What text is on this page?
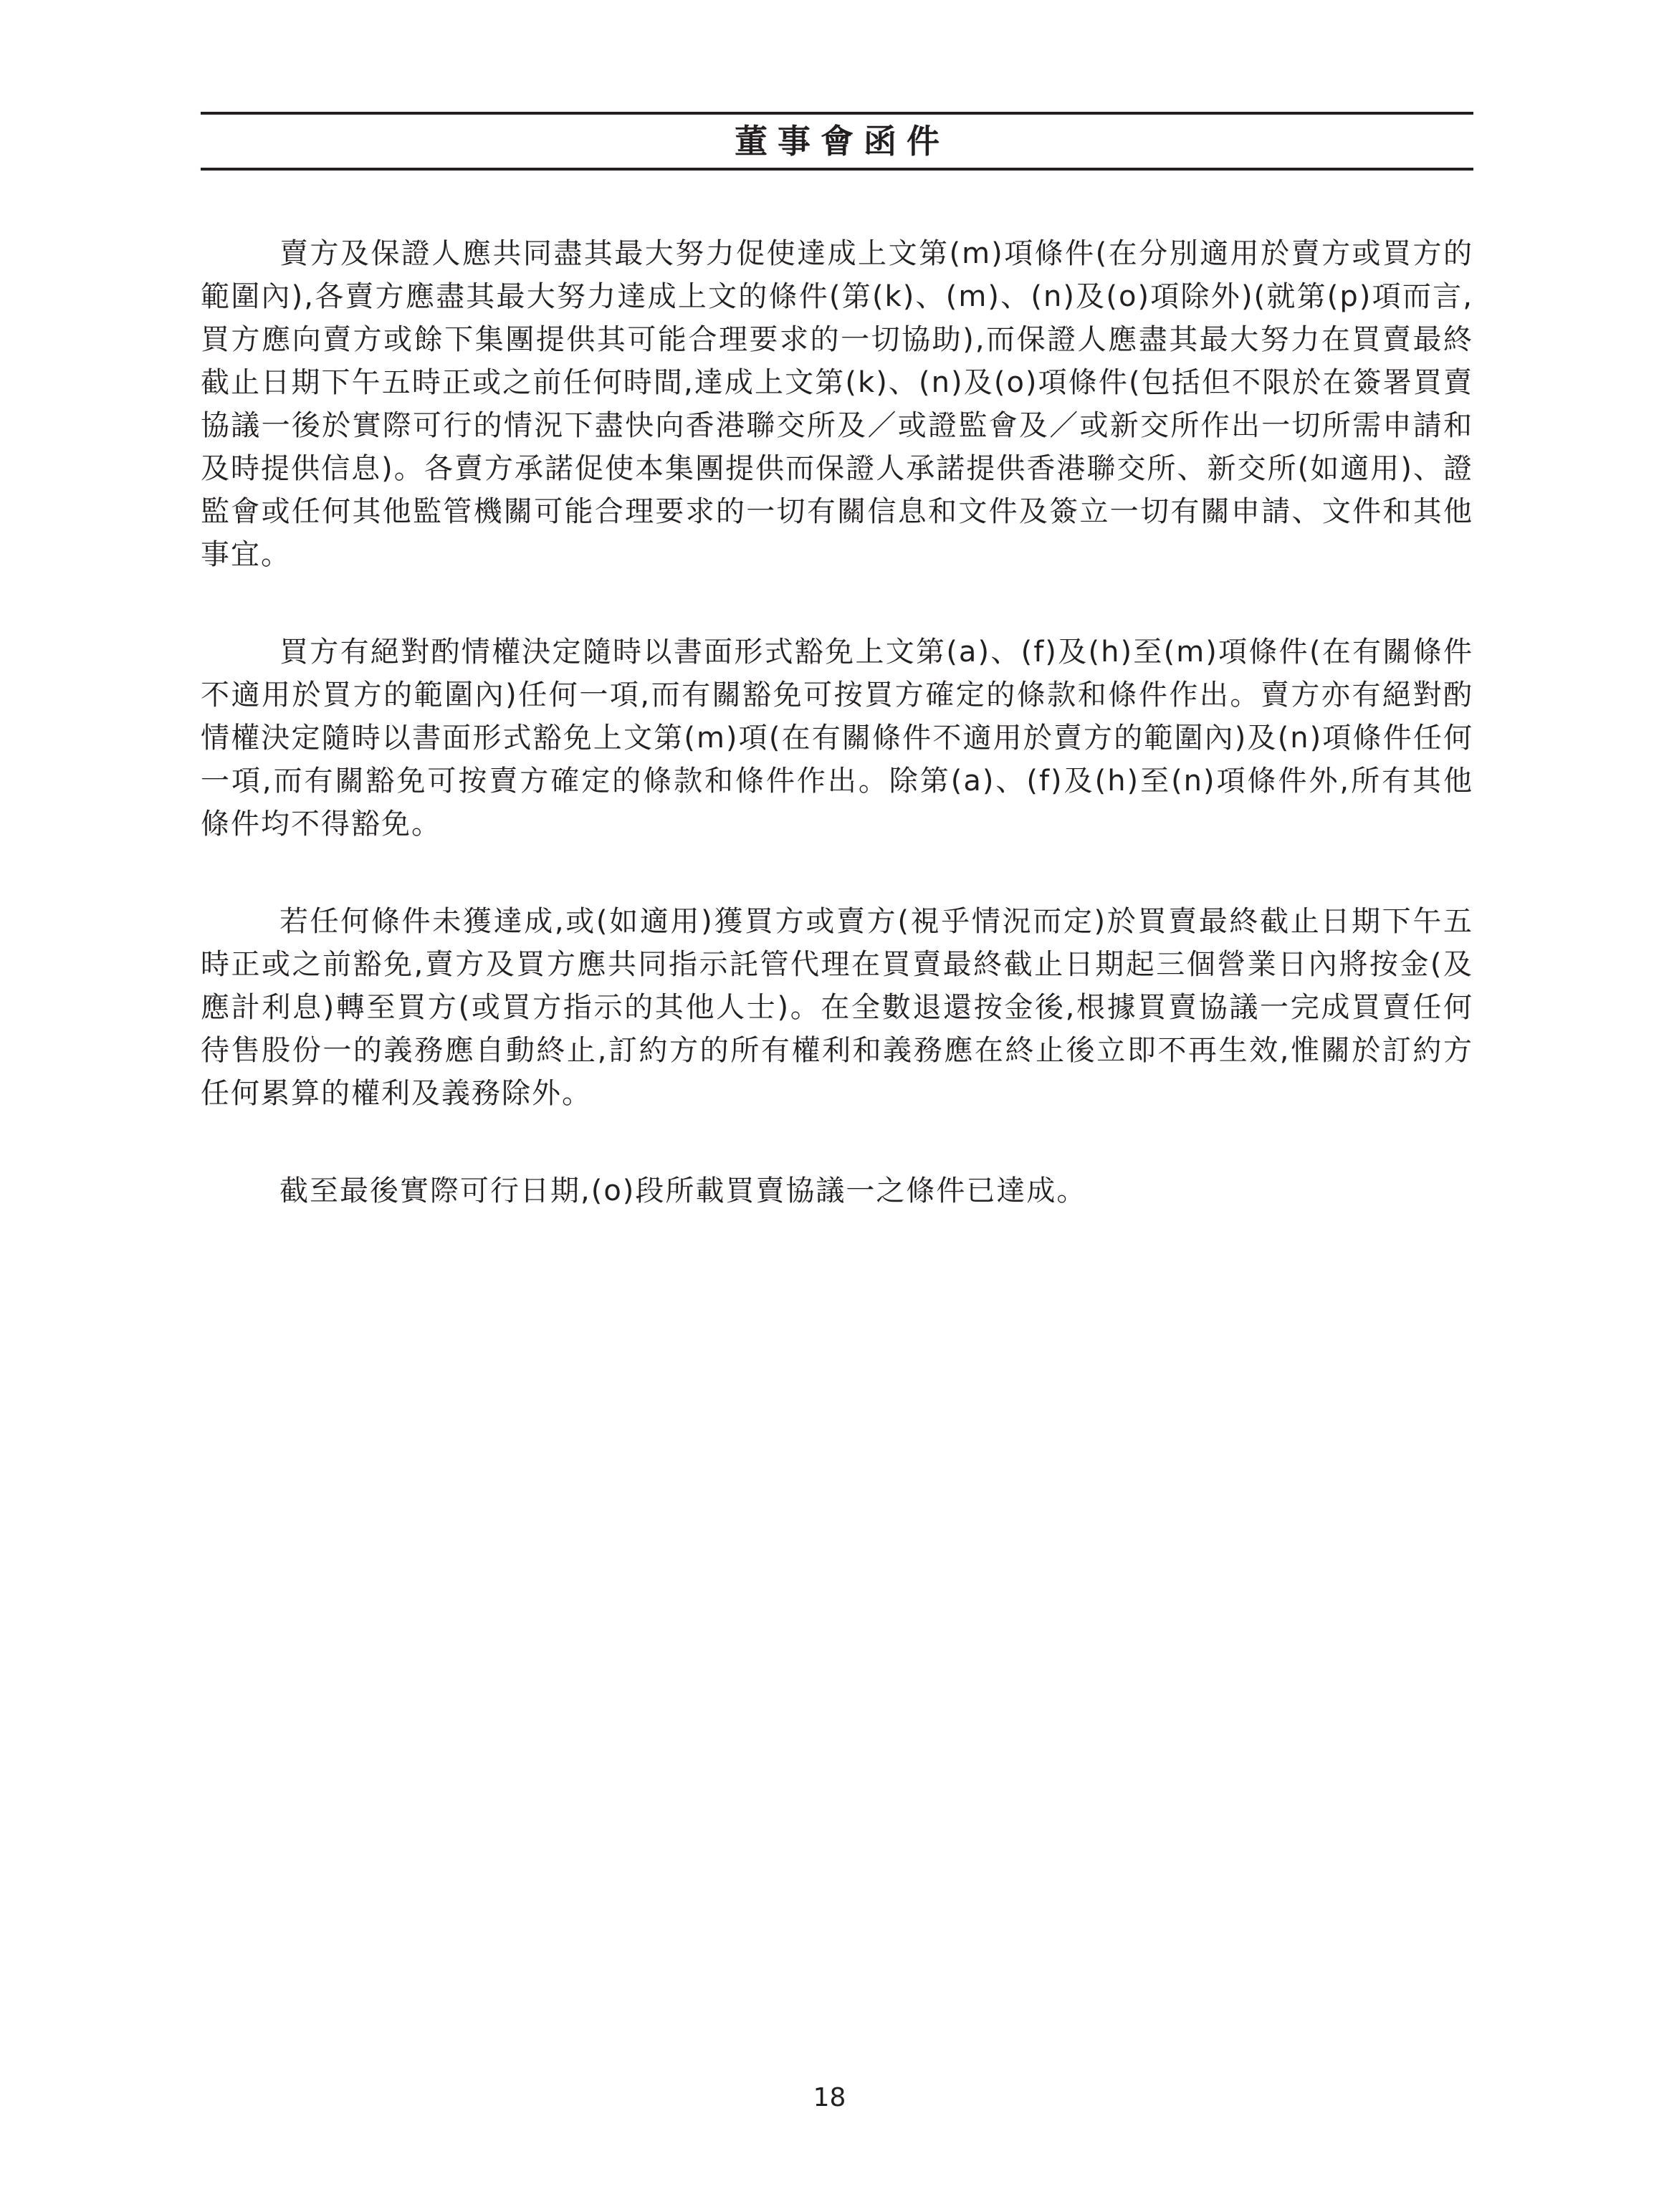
董事會函件

賣方及保證人應共同盡其最大努力促使達成上文第(m)項條件(在分別適用於賣方或買方的範圍內),各賣方應盡其最大努力達成上文的條件(第(k)、(m)、(n)及(o)項除外)(就第(p)項而言,買方應向賣方或餘下集團提供其可能合理要求的一切協助),而保證人應盡其最大努力在買賣最終截止日期下午五時正或之前任何時間,達成上文第(k)、(n)及(o)項條件(包括但不限於在簽署買賣協議一後於實際可行的情況下盡快向香港聯交所及／或證監會及／或新交所作出一切所需申請和及時提供信息)。各賣方承諾促使本集團提供而保證人承諾提供香港聯交所、新交所(如適用)、證監會或任何其他監管機關可能合理要求的一切有關信息和文件及簽立一切有關申請、文件和其他事宜。

買方有絕對酌情權決定隨時以書面形式豁免上文第(a)、(f)及(h)至(m)項條件(在有關條件不適用於買方的範圍內)任何一項,而有關豁免可按買方確定的條款和條件作出。賣方亦有絕對酌情權決定隨時以書面形式豁免上文第(m)項(在有關條件不適用於賣方的範圍內)及(n)項條件任何一項,而有關豁免可按賣方確定的條款和條件作出。除第(a)、(f)及(h)至(n)項條件外,所有其他條件均不得豁免。

若任何條件未獲達成,或(如適用)獲買方或賣方(視乎情況而定)於買賣最終截止日期下午五時正或之前豁免,賣方及買方應共同指示託管代理在買賣最終截止日期起三個營業日內將按金(及應計利息)轉至買方(或買方指示的其他人士)。在全數退還按金後,根據買賣協議一完成買賣任何待售股份一的義務應自動終止,訂約方的所有權利和義務應在終止後立即不再生效,惟關於訂約方任何累算的權利及義務除外。

截至最後實際可行日期,(o)段所載買賣協議一之條件已達成。

18
